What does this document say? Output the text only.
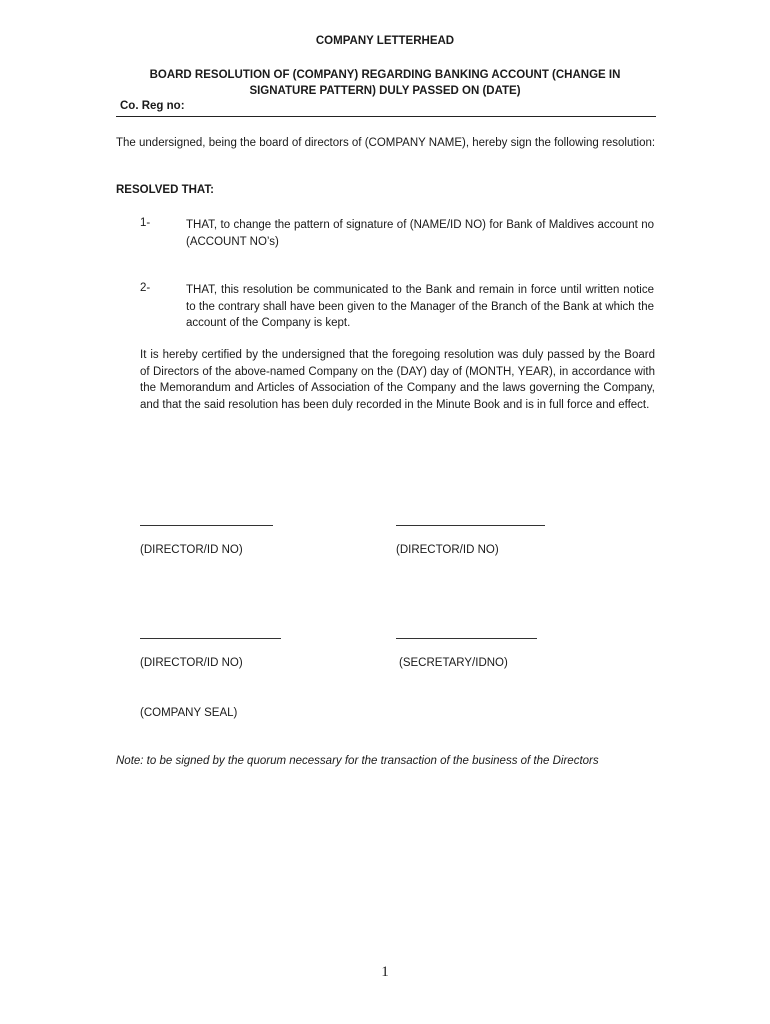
COMPANY LETTERHEAD
BOARD RESOLUTION OF (COMPANY) REGARDING BANKING ACCOUNT (CHANGE IN SIGNATURE PATTERN) DULY PASSED ON (DATE)
Co. Reg no:
The undersigned, being the board of directors of (COMPANY NAME), hereby sign the following resolution:
RESOLVED THAT:
1-	THAT, to change the pattern of signature of (NAME/ID NO) for Bank of Maldives account no (ACCOUNT NO’s)
2-	THAT, this resolution be communicated to the Bank and remain in force until written notice to the contrary shall have been given to the Manager of the Branch of the Bank at which the account of the Company is kept.
It is hereby certified by the undersigned that the foregoing resolution was duly passed by the Board of Directors of the above-named Company on the (DAY) day of (MONTH, YEAR), in accordance with the Memorandum and Articles of Association of the Company and the laws governing the Company, and that the said resolution has been duly recorded in the Minute Book and is in full force and effect.
(DIRECTOR/ID NO)	(DIRECTOR/ID NO)
(DIRECTOR/ID NO)	(SECRETARY/IDNO)
(COMPANY SEAL)
Note: to be signed by the quorum necessary for the transaction of the business of the Directors
1
